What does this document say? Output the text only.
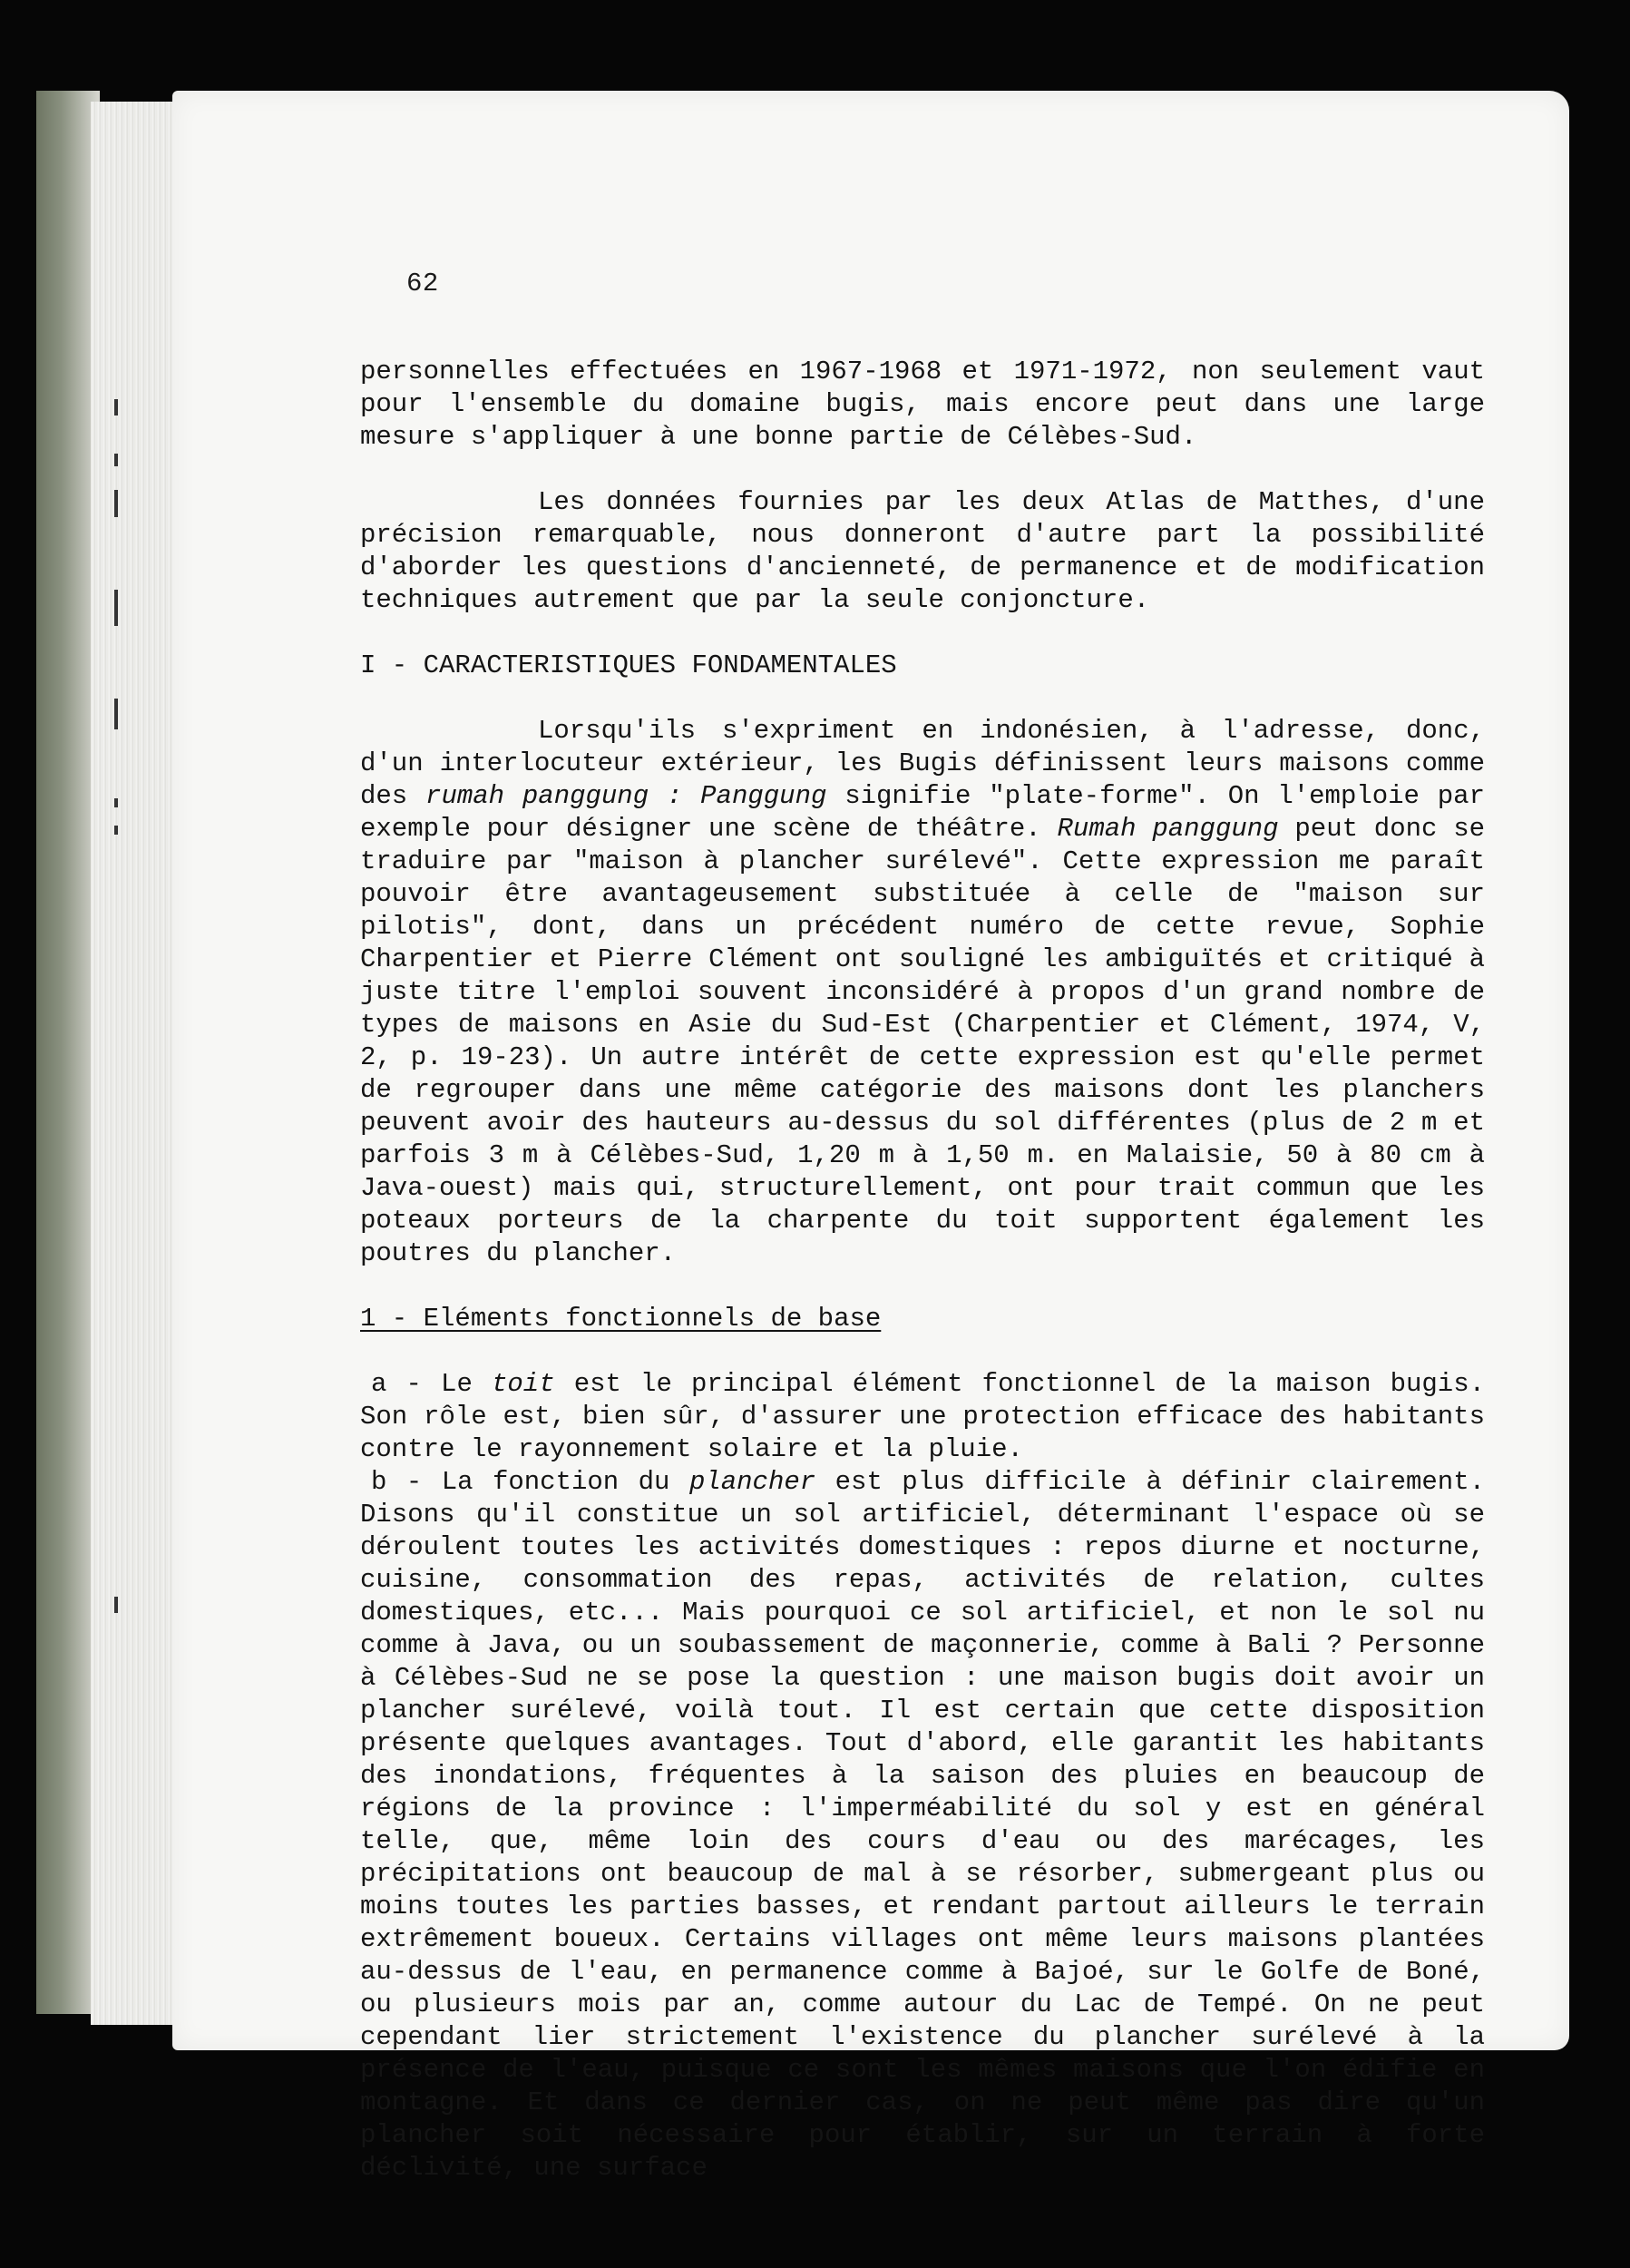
62

personnelles effectuées en 1967-1968 et 1971-1972, non seulement vaut pour l'ensemble du domaine bugis, mais encore peut dans une large mesure s'appliquer à une bonne partie de Célèbes-Sud.

Les données fournies par les deux Atlas de Matthes, d'une précision remarquable, nous donneront d'autre part la possibilité d'aborder les questions d'ancienneté, de permanence et de modification techniques autrement que par la seule conjoncture.

I - CARACTERISTIQUES FONDAMENTALES

Lorsqu'ils s'expriment en indonésien, à l'adresse, donc, d'un interlocuteur extérieur, les Bugis définissent leurs maisons comme des rumah panggung : Panggung signifie "plate-forme". On l'emploie par exemple pour désigner une scène de théâtre. Rumah panggung peut donc se traduire par "maison à plancher surélevé". Cette expression me paraît pouvoir être avantageusement substituée à celle de "maison sur pilotis", dont, dans un précédent numéro de cette revue, Sophie Charpentier et Pierre Clément ont souligné les ambiguïtés et critiqué à juste titre l'emploi souvent inconsidéré à propos d'un grand nombre de types de maisons en Asie du Sud-Est (Charpentier et Clément, 1974, V, 2, p. 19-23). Un autre intérêt de cette expression est qu'elle permet de regrouper dans une même catégorie des maisons dont les planchers peuvent avoir des hauteurs au-dessus du sol différentes (plus de 2 m et parfois 3 m à Célèbes-Sud, 1,20 m à 1,50 m. en Malaisie, 50 à 80 cm à Java-ouest) mais qui, structurellement, ont pour trait commun que les poteaux porteurs de la charpente du toit supportent également les poutres du plancher.

1 - Eléments fonctionnels de base

a - Le toit est le principal élément fonctionnel de la maison bugis. Son rôle est, bien sûr, d'assurer une protection efficace des habitants contre le rayonnement solaire et la pluie.

b - La fonction du plancher est plus difficile à définir clairement. Disons qu'il constitue un sol artificiel, déterminant l'espace où se déroulent toutes les activités domestiques : repos diurne et nocturne, cuisine, consommation des repas, activités de relation, cultes domestiques, etc... Mais pourquoi ce sol artificiel, et non le sol nu comme à Java, ou un soubassement de maçonnerie, comme à Bali ? Personne à Célèbes-Sud ne se pose la question : une maison bugis doit avoir un plancher surélevé, voilà tout. Il est certain que cette disposition présente quelques avantages. Tout d'abord, elle garantit les habitants des inondations, fréquentes à la saison des pluies en beaucoup de régions de la province : l'imperméabilité du sol y est en général telle, que, même loin des cours d'eau ou des marécages, les précipitations ont beaucoup de mal à se résorber, submergeant plus ou moins toutes les parties basses, et rendant partout ailleurs le terrain extrêmement boueux. Certains villages ont même leurs maisons plantées au-dessus de l'eau, en permanence comme à Bajoé, sur le Golfe de Boné, ou plusieurs mois par an, comme autour du Lac de Tempé. On ne peut cependant lier strictement l'existence du plancher surélevé à la présence de l'eau, puisque ce sont les mêmes maisons que l'on édifie en montagne. Et dans ce dernier cas, on ne peut même pas dire qu'un plancher soit nécessaire pour établir, sur un terrain à forte déclivité, une surface
